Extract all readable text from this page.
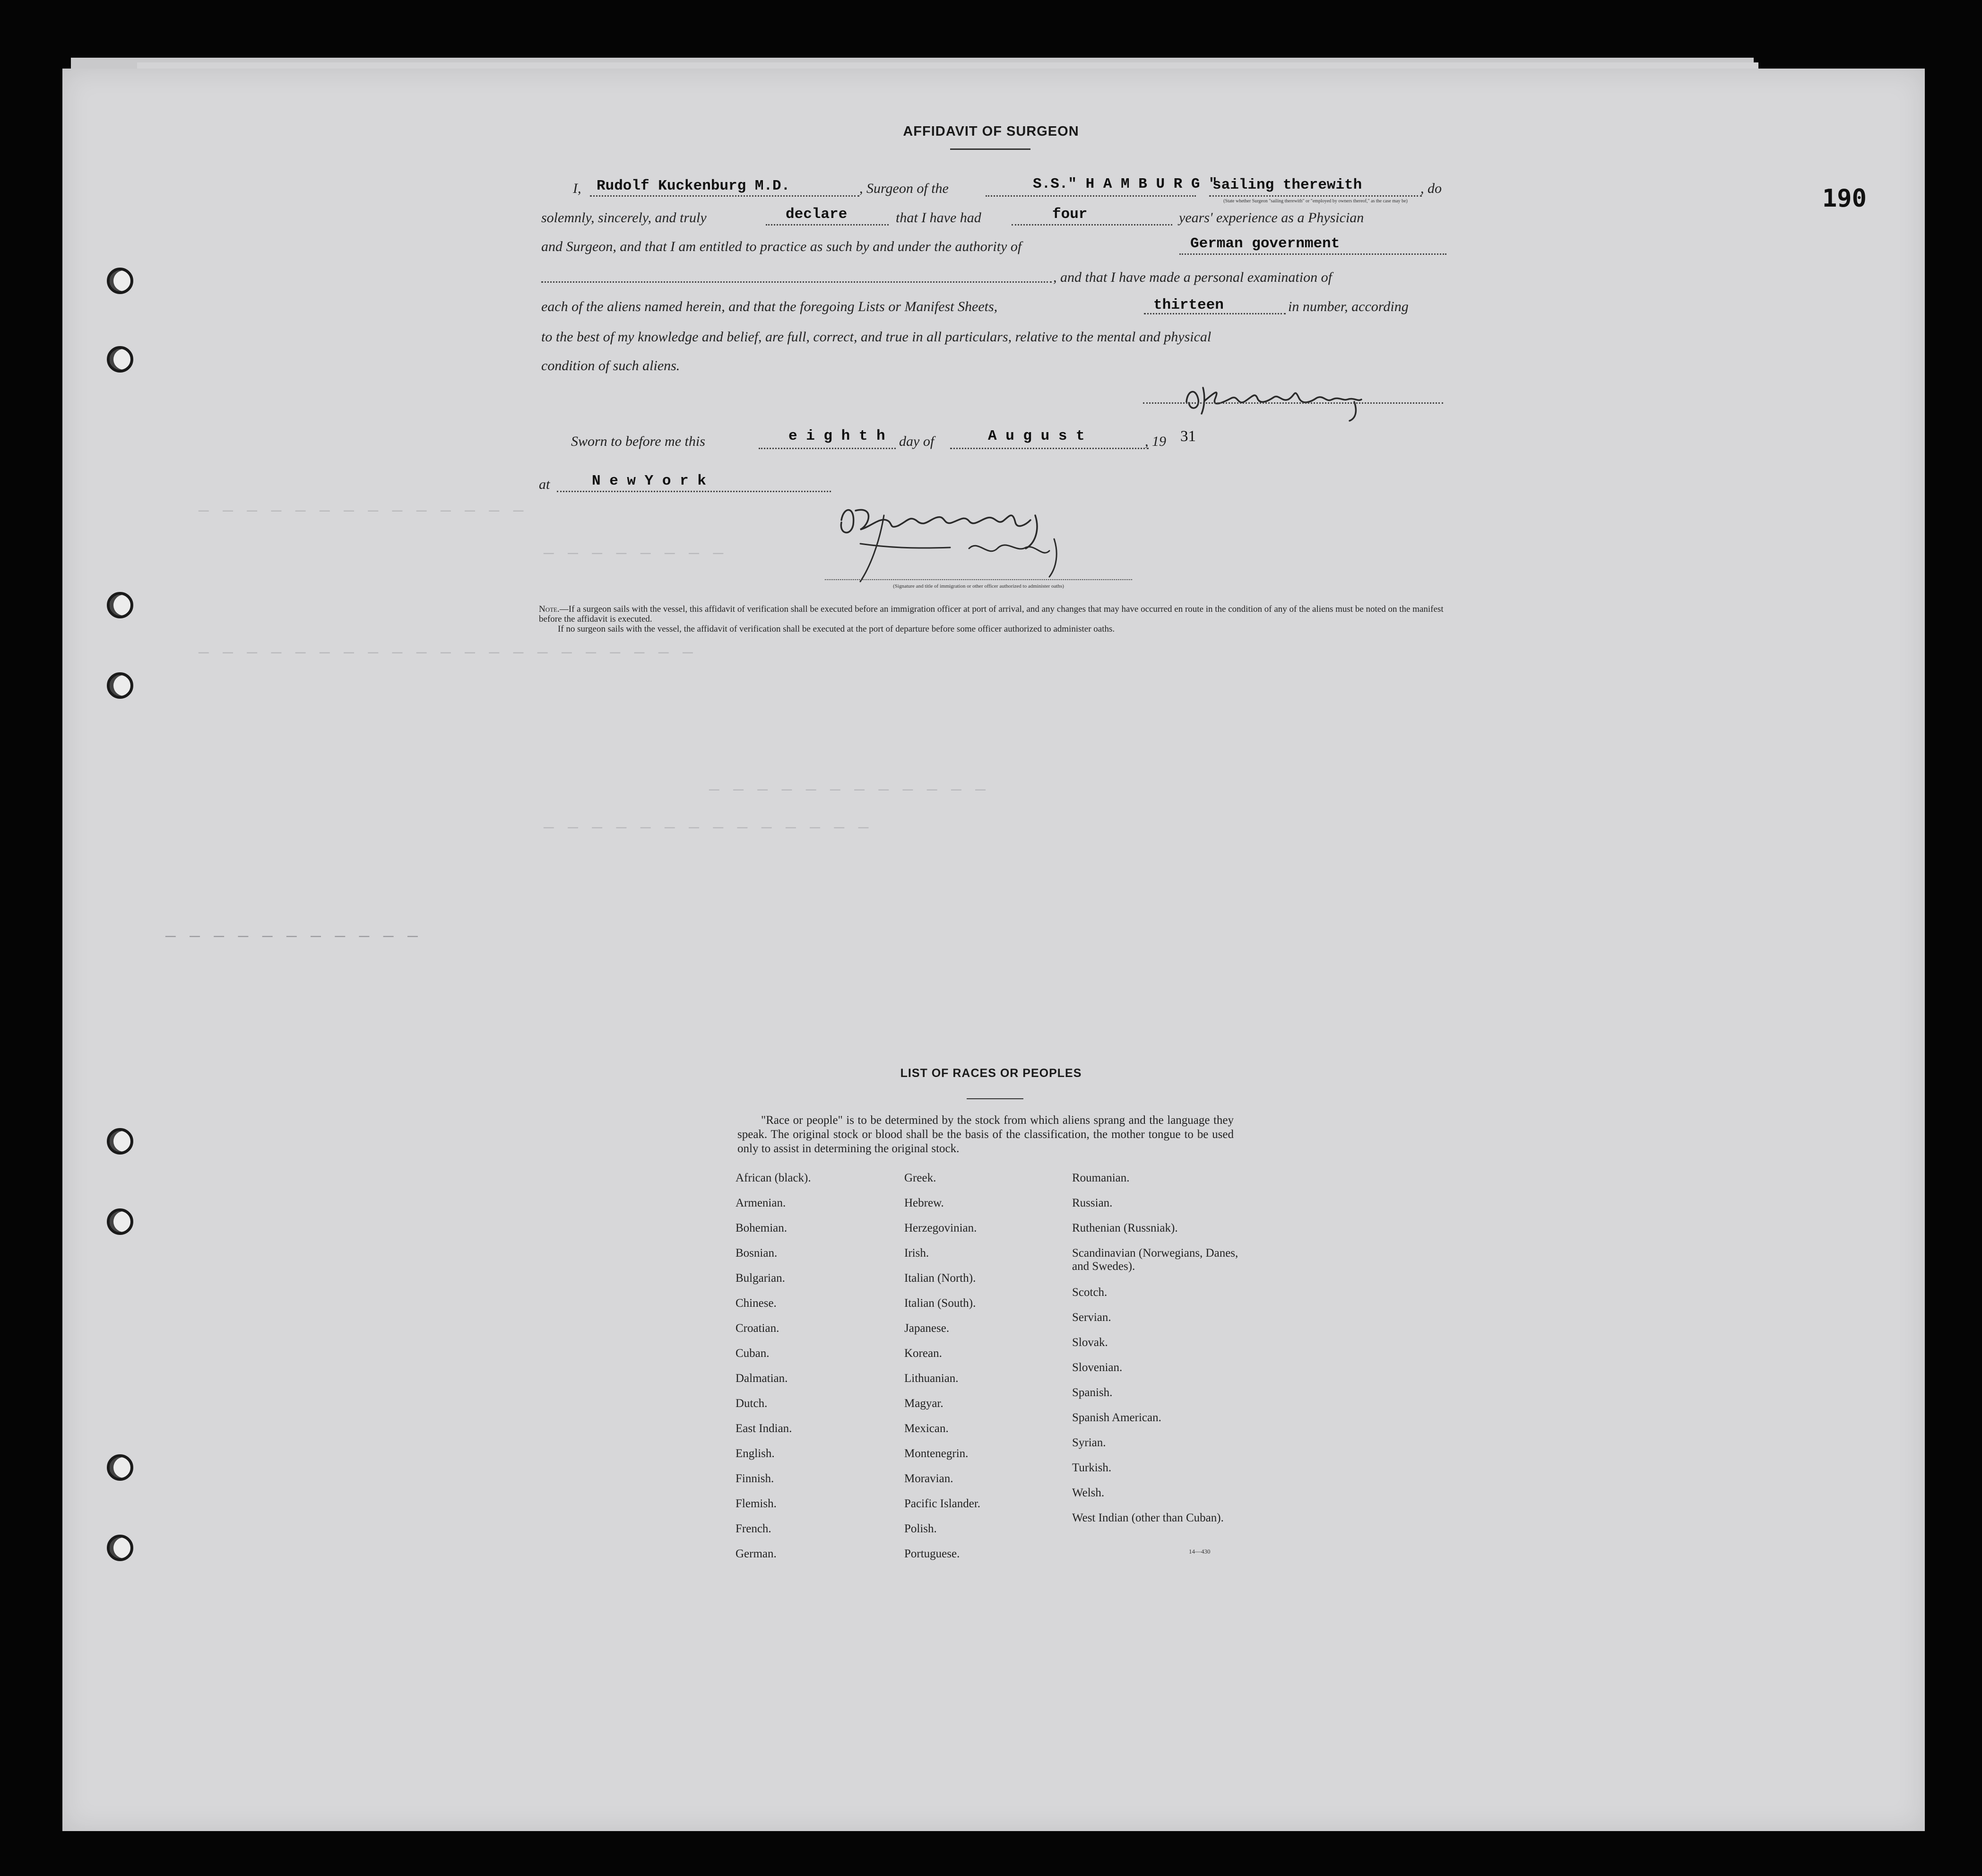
— — — — — — — — — — — — — —
— — — — — — — —
— — — — — — — — — — — — — — — — — — — — —
— — — — — — — — — — — —
— — — — — — — — — — — — — —
— — — — — — — — — — —
190
AFFIDAVIT OF SURGEON
I, Rudolf Kuckenburg M.D.	, Surgeon of the	S.S." H A M B U R G "
sailing therewith
(State whether Surgeon "sailing therewith" or "employed by owners thereof," as the case may be)
, do
solemnly, sincerely, and truly	declare	that I have had	four	years' experience as a Physician
and Surgeon, and that I am entitled to practice as such by and under the authority of	German government
, and that I have made a personal examination of
each of the aliens named herein, and that the foregoing Lists or Manifest Sheets,	thirteen	in number, according
to the best of my knowledge and belief, are full, correct, and true in all particulars, relative to the mental and physical
condition of such aliens.
Sworn to before me this	e i g h t h day of	A u g u s t	, 19 31
at	N e w Y o r k
(Signature and title of immigration or other officer authorized to administer oaths)
Note.—If a surgeon sails with the vessel, this affidavit of verification shall be executed before an immigration officer at port of arrival, and any changes that may have occurred en route in the condition of any of the aliens must be noted on the manifest before the affidavit is executed.
If no surgeon sails with the vessel, the affidavit of verification shall be executed at the port of departure before some officer authorized to administer oaths.
LIST OF RACES OR PEOPLES
"Race or people" is to be determined by the stock from which aliens sprang and the language they speak. The original stock or blood shall be the basis of the classification, the mother tongue to be used only to assist in determining the original stock.
African (black).
Armenian.
Bohemian.
Bosnian.
Bulgarian.
Chinese.
Croatian.
Cuban.
Dalmatian.
Dutch.
East Indian.
English.
Finnish.
Flemish.
French.
German.
Greek.
Hebrew.
Herzegovinian.
Irish.
Italian (North).
Italian (South).
Japanese.
Korean.
Lithuanian.
Magyar.
Mexican.
Montenegrin.
Moravian.
Pacific Islander.
Polish.
Portuguese.
Roumanian.
Russian.
Ruthenian (Russniak).
Scandinavian (Norwegians, Danes, and Swedes).
Scotch.
Servian.
Slovak.
Slovenian.
Spanish.
Spanish American.
Syrian.
Turkish.
Welsh.
West Indian (other than Cuban).
14—430
